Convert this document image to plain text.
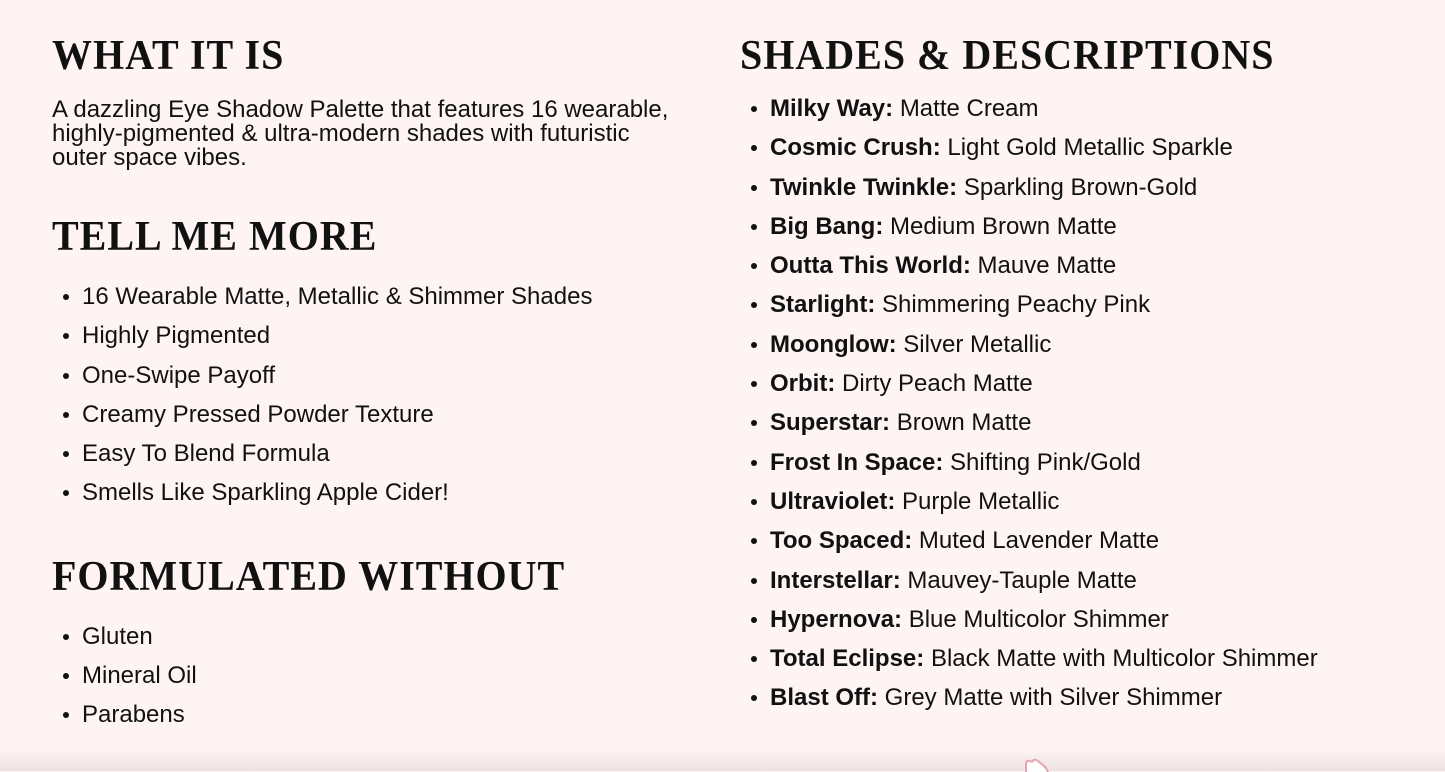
WHAT IT IS

A dazzling Eye Shadow Palette that features 16 wearable, highly-pigmented & ultra-modern shades with futuristic outer space vibes.

TELL ME MORE
16 Wearable Matte, Metallic & Shimmer Shades
Highly Pigmented
One-Swipe Payoff
Creamy Pressed Powder Texture
Easy To Blend Formula
Smells Like Sparkling Apple Cider!
FORMULATED WITHOUT
Gluten
Mineral Oil
Parabens
SHADES & DESCRIPTIONS
Milky Way: Matte Cream
Cosmic Crush: Light Gold Metallic Sparkle
Twinkle Twinkle: Sparkling Brown-Gold
Big Bang: Medium Brown Matte
Outta This World: Mauve Matte
Starlight: Shimmering Peachy Pink
Moonglow: Silver Metallic
Orbit: Dirty Peach Matte
Superstar: Brown Matte
Frost In Space: Shifting Pink/Gold
Ultraviolet: Purple Metallic
Too Spaced: Muted Lavender Matte
Interstellar: Mauvey-Tauple Matte
Hypernova: Blue Multicolor Shimmer
Total Eclipse: Black Matte with Multicolor Shimmer
Blast Off: Grey Matte with Silver Shimmer
